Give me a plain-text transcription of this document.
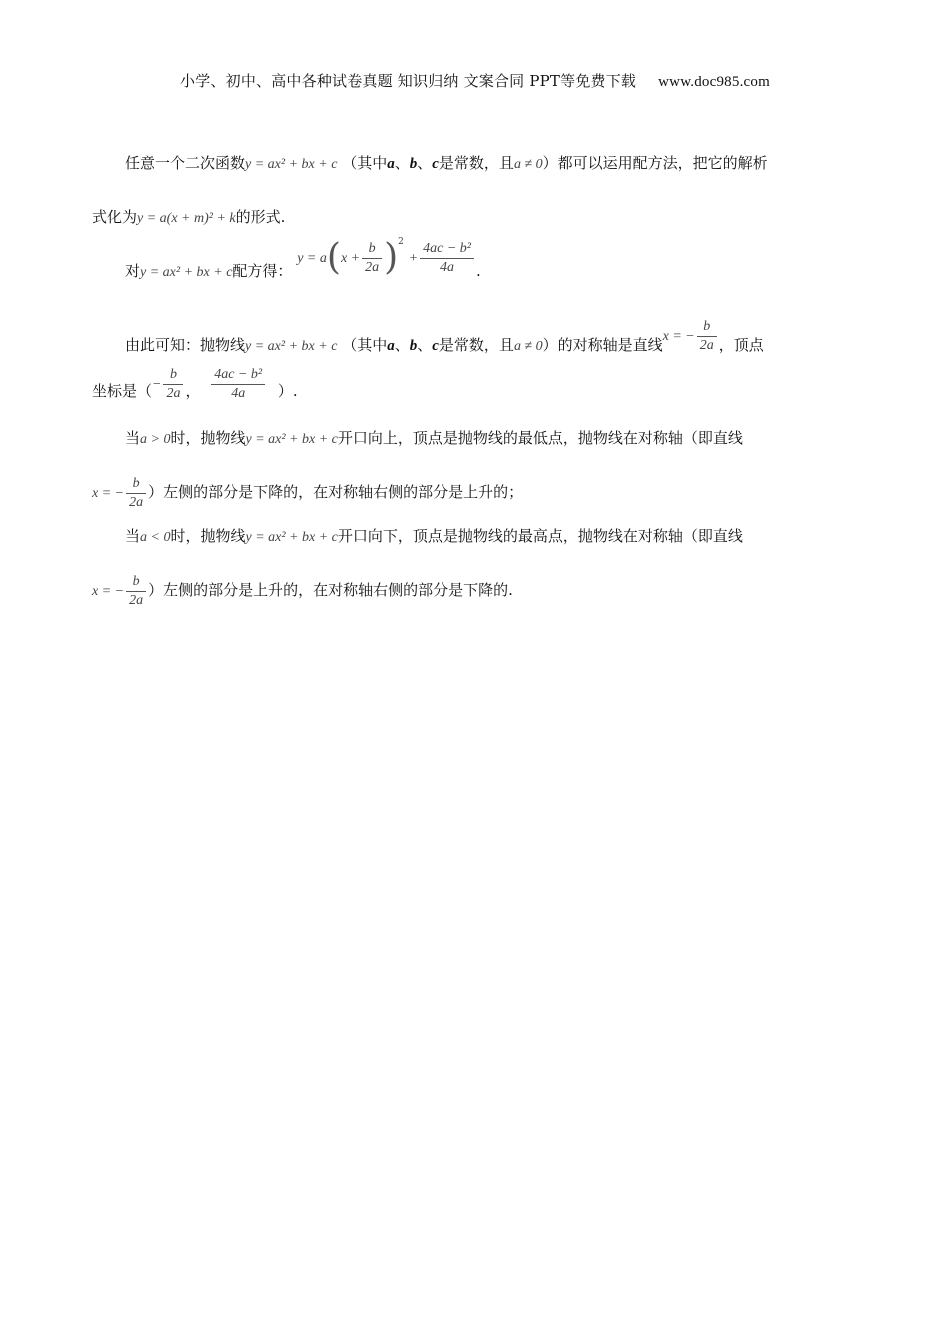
小学、初中、高中各种试卷真题 知识归纳 文案合同 PPT等免费下载 www.doc985.com
任意一个二次函数y = ax² + bx + c （其中a、b、c是常数，且a ≠ 0）都可以运用配方法，把它的解析
式化为y = a(x + m)² + k的形式.
对y = ax² + bx + c配方得： $y = a(x + \frac{b}{2a} )^2 + \frac{\text{4ac − b²}}{4a}$ .
由此可知：抛物线y = ax² + bx + c （其中a、b、c是常数，且a ≠ 0）的对称轴是直线x = − $\frac{b}{2a}$ ，顶点
坐标是（− $\frac{b}{2a}$ ， $\frac{\text{4ac − b²}}{4a}$ ）.
当a > 0时，抛物线y = ax² + bx + c开口向上，顶点是抛物线的最低点，抛物线在对称轴（即直线
x = − $\frac{b}{2a}$ ）左侧的部分是下降的，在对称轴右侧的部分是上升的；
当a < 0时，抛物线y = ax² + bx + c开口向下，顶点是抛物线的最高点，抛物线在对称轴（即直线
x = − $\frac{b}{2a}$ ）左侧的部分是上升的，在对称轴右侧的部分是下降的.
